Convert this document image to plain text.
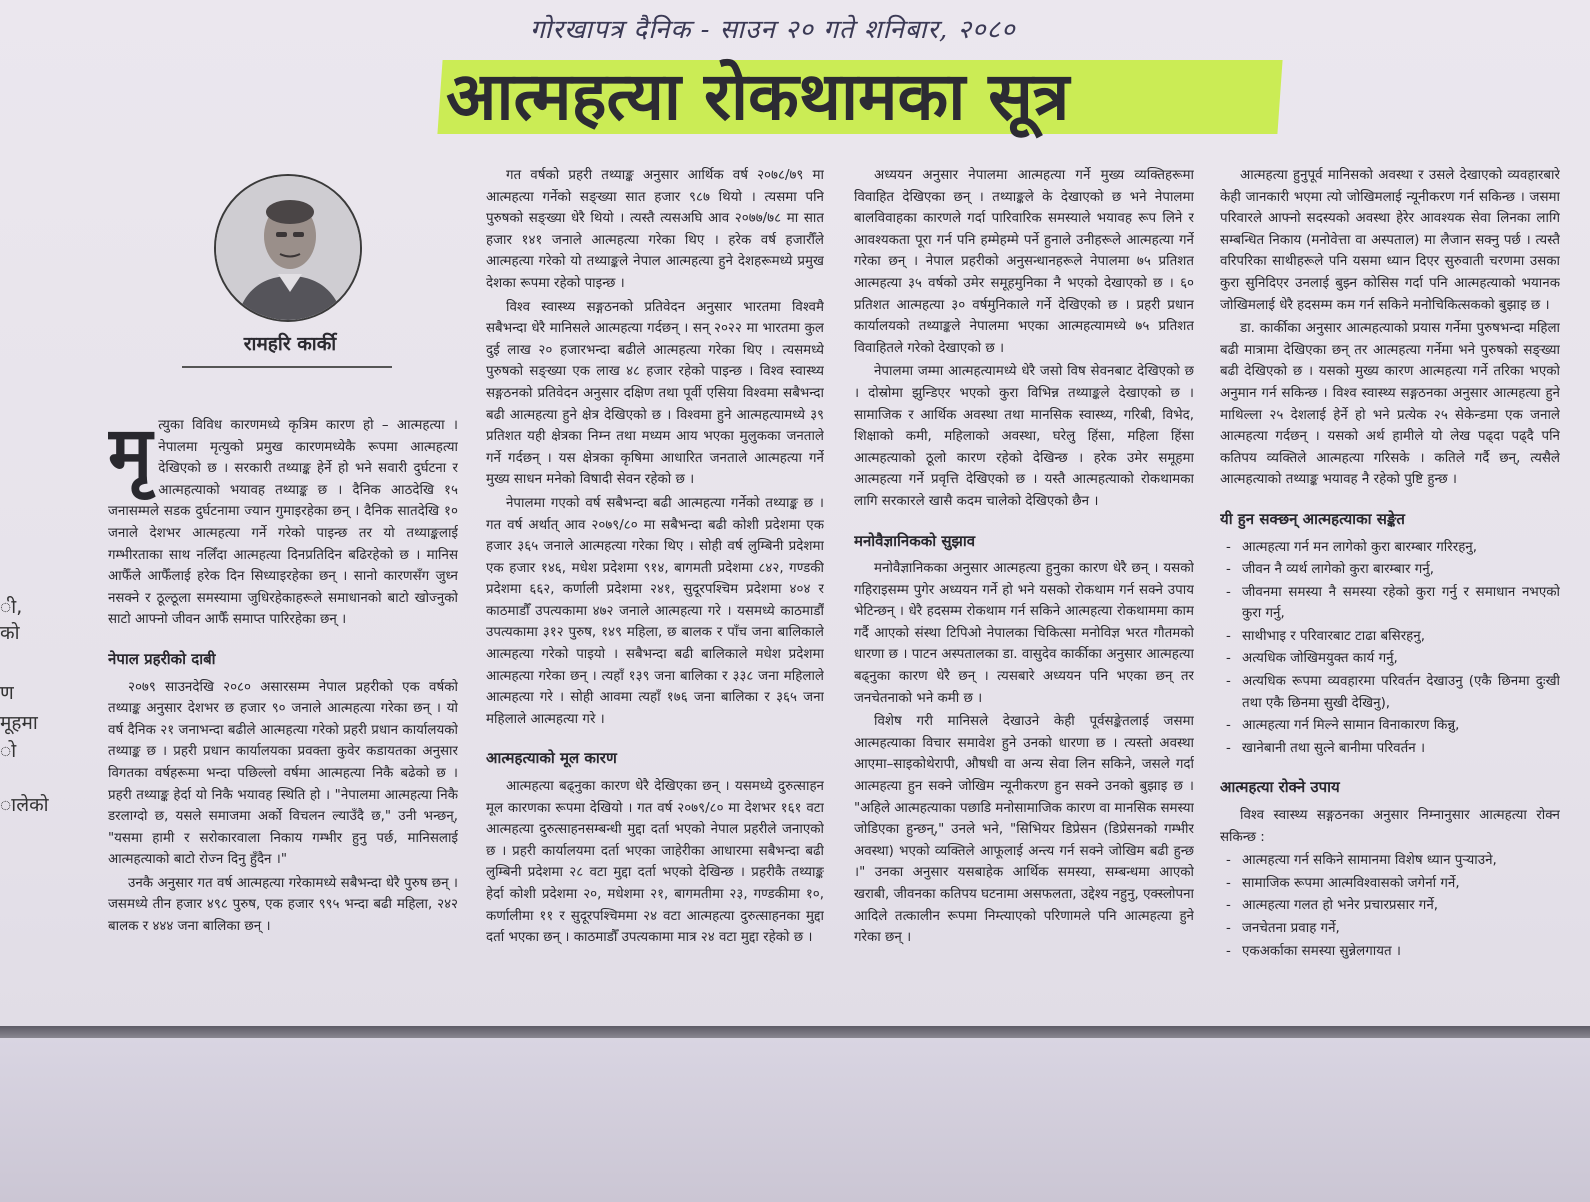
गोरखापत्र दैनिक - साउन २० गते शनिबार, २०८०
आत्महत्या रोकथामका सूत्र
रामहरि कार्की
ी,
को
ण
मूहमा
ो
ालेको

मृत्युका विविध कारणमध्ये कृत्रिम कारण हो – आत्महत्या । नेपालमा मृत्युको प्रमुख कारणमध्येकै रूपमा आत्महत्या देखिएको छ । सरकारी तथ्याङ्क हेर्ने हो भने सवारी दुर्घटना र आत्महत्याको भयावह तथ्याङ्क छ । दैनिक आठदेखि १५ जनासम्मले सडक दुर्घटनामा ज्यान गुमाइरहेका छन् । दैनिक सातदेखि १० जनाले देशभर आत्महत्या गर्ने गरेको पाइन्छ तर यो तथ्याङ्कलाई गम्भीरताका साथ नलिँदा आत्महत्या दिनप्रतिदिन बढिरहेको छ । मानिस आफैँले आफैँलाई हरेक दिन सिध्याइरहेका छन् । सानो कारणसँग जुध्न नसक्ने र ठूल्ठूला समस्यामा जुधिरहेकाहरूले समाधानको बाटो खोज्नुको साटो आफ्नो जीवन आफैँ समाप्त पारिरहेका छन् ।

नेपाल प्रहरीको दाबी

२०७९ साउनदेखि २०८० असारसम्म नेपाल प्रहरीको एक वर्षको तथ्याङ्क अनुसार देशभर छ हजार ९० जनाले आत्महत्या गरेका छन् । यो वर्ष दैनिक २१ जनाभन्दा बढीले आत्महत्या गरेको प्रहरी प्रधान कार्यालयको तथ्याङ्क छ । प्रहरी प्रधान कार्यालयका प्रवक्ता कुवेर कडायतका अनुसार विगतका वर्षहरूमा भन्दा पछिल्लो वर्षमा आत्महत्या निकै बढेको छ । प्रहरी तथ्याङ्क हेर्दा यो निकै भयावह स्थिति हो । "नेपालमा आत्महत्या निकै डरलाग्दो छ, यसले समाजमा अर्को विचलन ल्याउँदै छ," उनी भन्छन्, "यसमा हामी र सरोकारवाला निकाय गम्भीर हुनु पर्छ, मानिसलाई आत्महत्याको बाटो रोज्न दिनु हुँदैन ।"

उनकै अनुसार गत वर्ष आत्महत्या गरेकामध्ये सबैभन्दा धेरै पुरुष छन् । जसमध्ये तीन हजार ४९८ पुरुष, एक हजार ९९५ भन्दा बढी महिला, २४२ बालक र ४४४ जना बालिका छन् ।

गत वर्षको प्रहरी तथ्याङ्क अनुसार आर्थिक वर्ष २०७८/७९ मा आत्महत्या गर्नेको सङ्ख्या सात हजार ९८७ थियो । त्यसमा पनि पुरुषको सङ्ख्या धेरै थियो । त्यस्तै त्यसअघि आव २०७७/७८ मा सात हजार १४१ जनाले आत्महत्या गरेका थिए । हरेक वर्ष हजारौँले आत्महत्या गरेको यो तथ्याङ्कले नेपाल आत्महत्या हुने देशहरूमध्ये प्रमुख देशका रूपमा रहेको पाइन्छ ।

विश्व स्वास्थ्य सङ्गठनको प्रतिवेदन अनुसार भारतमा विश्वमै सबैभन्दा धेरै मानिसले आत्महत्या गर्दछन् । सन् २०२२ मा भारतमा कुल दुई लाख २० हजारभन्दा बढीले आत्महत्या गरेका थिए । त्यसमध्ये पुरुषको सङ्ख्या एक लाख ४८ हजार रहेको पाइन्छ । विश्व स्वास्थ्य सङ्गठनको प्रतिवेदन अनुसार दक्षिण तथा पूर्वी एसिया विश्वमा सबैभन्दा बढी आत्महत्या हुने क्षेत्र देखिएको छ । विश्वमा हुने आत्महत्यामध्ये ३९ प्रतिशत यही क्षेत्रका निम्न तथा मध्यम आय भएका मुलुकका जनताले गर्ने गर्दछन् । यस क्षेत्रका कृषिमा आधारित जनताले आत्महत्या गर्ने मुख्य साधन मनेको विषादी सेवन रहेको छ ।

नेपालमा गएको वर्ष सबैभन्दा बढी आत्महत्या गर्नेको तथ्याङ्क छ । गत वर्ष अर्थात् आव २०७९/८० मा सबैभन्दा बढी कोशी प्रदेशमा एक हजार ३६५ जनाले आत्महत्या गरेका थिए । सोही वर्ष लुम्बिनी प्रदेशमा एक हजार १४६, मधेश प्रदेशमा ९१४, बागमती प्रदेशमा ८४२, गण्डकी प्रदेशमा ६६२, कर्णाली प्रदेशमा २४१, सुदूरपश्चिम प्रदेशमा ४०४ र काठमाडौँ उपत्यकामा ४७२ जनाले आत्महत्या गरे । यसमध्ये काठमाडौँ उपत्यकामा ३१२ पुरुष, १४९ महिला, छ बालक र पाँच जना बालिकाले आत्महत्या गरेको पाइयो । सबैभन्दा बढी बालिकाले मधेश प्रदेशमा आत्महत्या गरेका छन् । त्यहाँ १३९ जना बालिका र ३३८ जना महिलाले आत्महत्या गरे । सोही आवमा त्यहाँ १७६ जना बालिका र ३६५ जना महिलाले आत्महत्या गरे ।

आत्महत्याको मूल कारण

आत्महत्या बढ्नुका कारण धेरै देखिएका छन् । यसमध्ये दुरुत्साहन मूल कारणका रूपमा देखियो । गत वर्ष २०७९/८० मा देशभर १६१ वटा आत्महत्या दुरुत्साहनसम्बन्धी मुद्दा दर्ता भएको नेपाल प्रहरीले जनाएको छ । प्रहरी कार्यालयमा दर्ता भएका जाहेरीका आधारमा सबैभन्दा बढी लुम्बिनी प्रदेशमा २८ वटा मुद्दा दर्ता भएको देखिन्छ । प्रहरीकै तथ्याङ्क हेर्दा कोशी प्रदेशमा २०, मधेशमा २१, बागमतीमा २३, गण्डकीमा १०, कर्णालीमा ११ र सुदूरपश्चिममा २४ वटा आत्महत्या दुरुत्साहनका मुद्दा दर्ता भएका छन् । काठमाडौँ उपत्यकामा मात्र २४ वटा मुद्दा रहेको छ ।

अध्ययन अनुसार नेपालमा आत्महत्या गर्ने मुख्य व्यक्तिहरूमा विवाहित देखिएका छन् । तथ्याङ्कले के देखाएको छ भने नेपालमा बालविवाहका कारणले गर्दा पारिवारिक समस्याले भयावह रूप लिने र आवश्यकता पूरा गर्न पनि हम्मेहम्मे पर्ने हुनाले उनीहरूले आत्महत्या गर्ने गरेका छन् । नेपाल प्रहरीको अनुसन्धानहरूले नेपालमा ७५ प्रतिशत आत्महत्या ३५ वर्षको उमेर समूहमुनिका नै भएको देखाएको छ । ६० प्रतिशत आत्महत्या ३० वर्षमुनिकाले गर्ने देखिएको छ । प्रहरी प्रधान कार्यालयको तथ्याङ्कले नेपालमा भएका आत्महत्यामध्ये ७५ प्रतिशत विवाहितले गरेको देखाएको छ ।

नेपालमा जम्मा आत्महत्यामध्ये धेरै जसो विष सेवनबाट देखिएको छ । दोस्रोमा झुन्डिएर भएको कुरा विभिन्न तथ्याङ्कले देखाएको छ । सामाजिक र आर्थिक अवस्था तथा मानसिक स्वास्थ्य, गरिबी, विभेद, शिक्षाको कमी, महिलाको अवस्था, घरेलु हिंसा, महिला हिंसा आत्महत्याको ठूलो कारण रहेको देखिन्छ । हरेक उमेर समूहमा आत्महत्या गर्ने प्रवृत्ति देखिएको छ । यस्तै आत्महत्याको रोकथामका लागि सरकारले खासै कदम चालेको देखिएको छैन ।

मनोवैज्ञानिकको सुझाव

मनोवैज्ञानिकका अनुसार आत्महत्या हुनुका कारण धेरै छन् । यसको गहिराइसम्म पुगेर अध्ययन गर्ने हो भने यसको रोकथाम गर्न सक्ने उपाय भेटिन्छन् । धेरै हदसम्म रोकथाम गर्न सकिने आत्महत्या रोकथाममा काम गर्दै आएको संस्था टिपिओ नेपालका चिकित्सा मनोविज्ञ भरत गौतमको धारणा छ । पाटन अस्पतालका डा. वासुदेव कार्कीका अनुसार आत्महत्या बढ्नुका कारण धेरै छन् । त्यसबारे अध्ययन पनि भएका छन् तर जनचेतनाको भने कमी छ ।

विशेष गरी मानिसले देखाउने केही पूर्वसङ्केतलाई जसमा आत्महत्याका विचार समावेश हुने उनको धारणा छ । त्यस्तो अवस्था आएमा–साइकोथेरापी, औषधी वा अन्य सेवा लिन सकिने, जसले गर्दा आत्महत्या हुन सक्ने जोखिम न्यूनीकरण हुन सक्ने उनको बुझाइ छ । "अहिले आत्महत्याका पछाडि मनोसामाजिक कारण वा मानसिक समस्या जोडिएका हुन्छन्," उनले भने, "सिभियर डिप्रेसन (डिप्रेसनको गम्भीर अवस्था) भएको व्यक्तिले आफूलाई अन्त्य गर्न सक्ने जोखिम बढी हुन्छ ।" उनका अनुसार यसबाहेक आर्थिक समस्या, सम्बन्धमा आएको खराबी, जीवनका कतिपय घटनामा असफलता, उद्देश्य नहुनु, एक्स्लोपना आदिले तत्कालीन रूपमा निम्त्याएको परिणामले पनि आत्महत्या हुने गरेका छन् ।

आत्महत्या हुनुपूर्व मानिसको अवस्था र उसले देखाएको व्यवहारबारे केही जानकारी भएमा त्यो जोखिमलाई न्यूनीकरण गर्न सकिन्छ । जसमा परिवारले आफ्नो सदस्यको अवस्था हेरेर आवश्यक सेवा लिनका लागि सम्बन्धित निकाय (मनोवेत्ता वा अस्पताल) मा लैजान सक्नु पर्छ । त्यस्तै वरिपरिका साथीहरूले पनि यसमा ध्यान दिएर सुरुवाती चरणमा उसका कुरा सुनिदिएर उनलाई बुझ्न कोसिस गर्दा पनि आत्महत्याको भयानक जोखिमलाई धेरै हदसम्म कम गर्न सकिने मनोचिकित्सकको बुझाइ छ ।

डा. कार्कीका अनुसार आत्महत्याको प्रयास गर्नेमा पुरुषभन्दा महिला बढी मात्रामा देखिएका छन् तर आत्महत्या गर्नेमा भने पुरुषको सङ्ख्या बढी देखिएको छ । यसको मुख्य कारण आत्महत्या गर्ने तरिका भएको अनुमान गर्न सकिन्छ । विश्व स्वास्थ्य सङ्गठनका अनुसार आत्महत्या हुने माथिल्ला २५ देशलाई हेर्ने हो भने प्रत्येक २५ सेकेन्डमा एक जनाले आत्महत्या गर्दछन् । यसको अर्थ हामीले यो लेख पढ्दा पढ्दै पनि कतिपय व्यक्तिले आत्महत्या गरिसके । कतिले गर्दै छन्, त्यसैले आत्महत्याको तथ्याङ्क भयावह नै रहेको पुष्टि हुन्छ ।

यी हुन सक्छन् आत्महत्याका सङ्केत
- आत्महत्या गर्न मन लागेको कुरा बारम्बार गरिरहनु,
- जीवन नै व्यर्थ लागेको कुरा बारम्बार गर्नु,
- जीवनमा समस्या नै समस्या रहेको कुरा गर्नु र समाधान नभएको कुरा गर्नु,
- साथीभाइ र परिवारबाट टाढा बसिरहनु,
- अत्यधिक जोखिमयुक्त कार्य गर्नु,
- अत्यधिक रूपमा व्यवहारमा परिवर्तन देखाउनु (एकै छिनमा दुःखी तथा एकै छिनमा सुखी देखिनु),
- आत्महत्या गर्न मिल्ने सामान विनाकारण किन्नु,
- खानेबानी तथा सुत्ने बानीमा परिवर्तन ।
आत्महत्या रोक्ने उपाय

विश्व स्वास्थ्य सङ्गठनका अनुसार निम्नानुसार आत्महत्या रोक्न सकिन्छ :

- आत्महत्या गर्न सकिने सामानमा विशेष ध्यान पुऱ्याउने,
- सामाजिक रूपमा आत्मविश्वासको जगेर्ना गर्ने,
- आत्महत्या गलत हो भनेर प्रचारप्रसार गर्ने,
- जनचेतना प्रवाह गर्ने,
- एकअर्काका समस्या सुन्नेलगायत ।
